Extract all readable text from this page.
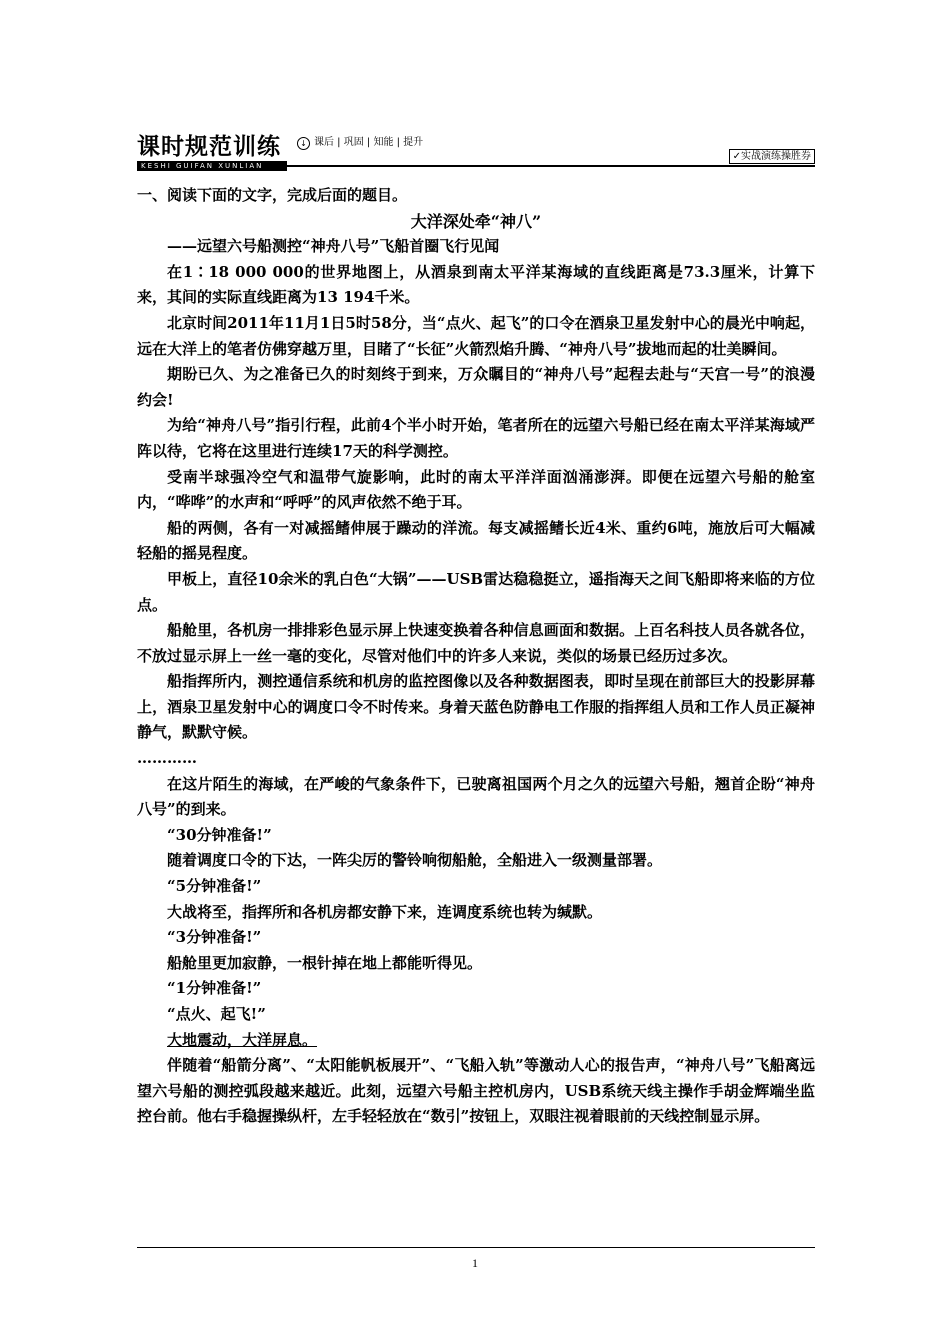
课时规范训练
KESHI GUIFAN XUNLIAN
↓ 课后 | 巩固 | 知能 | 提升
✓实战演练操胜券

一、阅读下面的文字，完成后面的题目。

大洋深处牵“神八”

——远望六号船测控“神舟八号”飞船首圈飞行见闻

在1∶18 000 000的世界地图上，从酒泉到南太平洋某海域的直线距离是73.3厘米，计算下来，其间的实际直线距离为13 194千米。

北京时间2011年11月1日5时58分，当“点火、起飞”的口令在酒泉卫星发射中心的晨光中响起，远在大洋上的笔者仿佛穿越万里，目睹了“长征”火箭烈焰升腾、“神舟八号”拔地而起的壮美瞬间。

期盼已久、为之准备已久的时刻终于到来，万众瞩目的“神舟八号”起程去赴与“天宫一号”的浪漫约会!

为给“神舟八号”指引行程，此前4个半小时开始，笔者所在的远望六号船已经在南太平洋某海域严阵以待，它将在这里进行连续17天的科学测控。

受南半球强冷空气和温带气旋影响，此时的南太平洋洋面汹涌澎湃。即便在远望六号船的舱室内，“哗哗”的水声和“呼呼”的风声依然不绝于耳。

船的两侧，各有一对减摇鳍伸展于躁动的洋流。每支减摇鳍长近4米、重约6吨，施放后可大幅减轻船的摇晃程度。

甲板上，直径10余米的乳白色“大锅”——USB雷达稳稳挺立，遥指海天之间飞船即将来临的方位点。

船舱里，各机房一排排彩色显示屏上快速变换着各种信息画面和数据。上百名科技人员各就各位，不放过显示屏上一丝一毫的变化，尽管对他们中的许多人来说，类似的场景已经历过多次。

船指挥所内，测控通信系统和机房的监控图像以及各种数据图表，即时呈现在前部巨大的投影屏幕上，酒泉卫星发射中心的调度口令不时传来。身着天蓝色防静电工作服的指挥组人员和工作人员正凝神静气，默默守候。

…………

在这片陌生的海域，在严峻的气象条件下，已驶离祖国两个月之久的远望六号船，翘首企盼“神舟八号”的到来。

“30分钟准备!”

随着调度口令的下达，一阵尖厉的警铃响彻船舱，全船进入一级测量部署。

“5分钟准备!”

大战将至，指挥所和各机房都安静下来，连调度系统也转为缄默。

“3分钟准备!”

船舱里更加寂静，一根针掉在地上都能听得见。

“1分钟准备!”

“点火、起飞!”

大地震动，大洋屏息。

伴随着“船箭分离”、“太阳能帆板展开”、“飞船入轨”等激动人心的报告声，“神舟八号”飞船离远望六号船的测控弧段越来越近。此刻，远望六号船主控机房内，USB系统天线主操作手胡金辉端坐监控台前。他右手稳握操纵杆，左手轻轻放在“数引”按钮上，双眼注视着眼前的天线控制显示屏。

1
